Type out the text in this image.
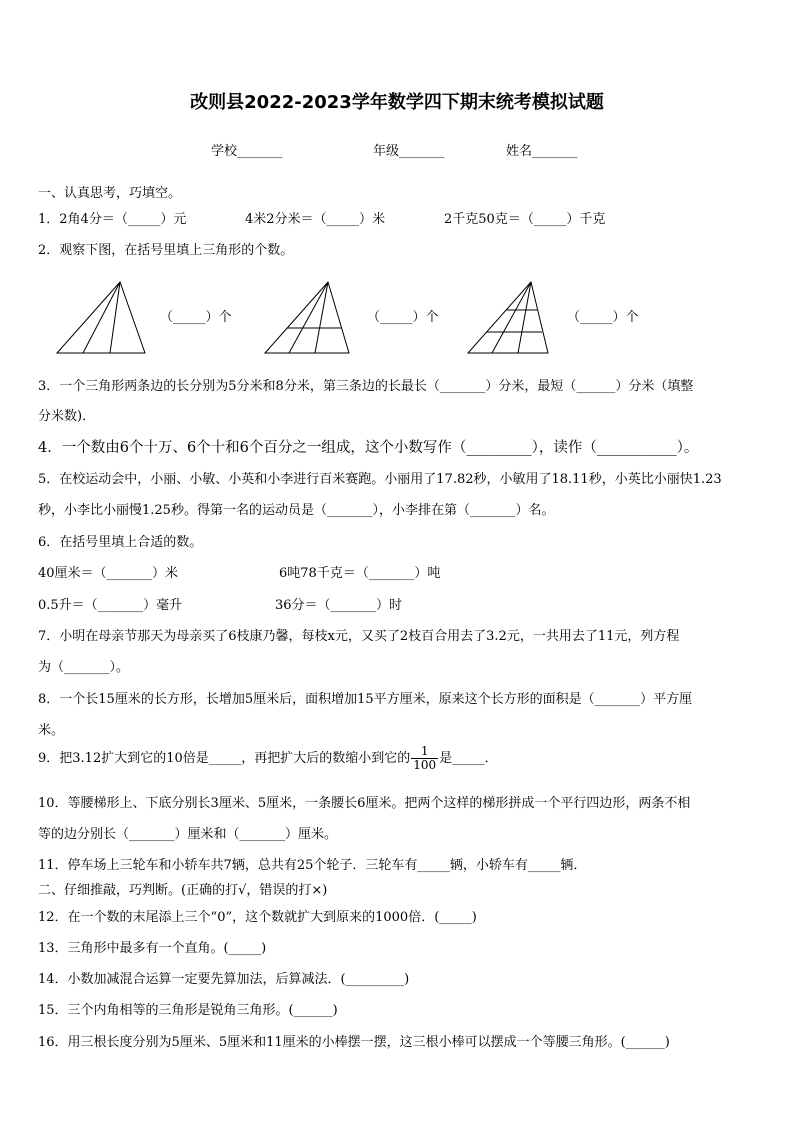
改则县2022-2023学年数学四下期末统考模拟试题
学校_______	年级_______	姓名_______
一、认真思考，巧填空。
1．2角4分＝（_____）元	4米2分米＝（_____）米	2千克50克＝（_____）千克
2．观察下图，在括号里填上三角形的个数。
（_____）个	（_____）个	（_____）个
3．一个三角形两条边的长分别为5分米和8分米，第三条边的长最长（_______）分米，最短（______）分米（填整
分米数)．
4．一个数由6个十万、6个十和6个百分之一组成，这个小数写作（_________），读作（___________）。
5．在校运动会中，小丽、小敏、小英和小李进行百米赛跑。小丽用了17.82秒，小敏用了18.11秒，小英比小丽快1.23
秒，小李比小丽慢1.25秒。得第一名的运动员是（_______），小李排在第（_______）名。
6．在括号里填上合适的数。
40厘米＝（_______）米	6吨78千克＝（_______）吨
0.5升＝（_______）毫升	36分＝（_______）时
7．小明在母亲节那天为母亲买了6枝康乃馨，每枝x元，又买了2枝百合用去了3.2元，一共用去了11元，列方程
为（_______）。
8．一个长15厘米的长方形，长增加5厘米后，面积增加15平方厘米，原来这个长方形的面积是（_______）平方厘
米。
9．把3.12扩大到它的10倍是_____，再把扩大后的数缩小到它的 $\frac{1}{100}$ 是_____．
10．等腰梯形上、下底分别长3厘米、5厘米，一条腰长6厘米。把两个这样的梯形拼成一个平行四边形，两条不相
等的边分别长（_______）厘米和（_______）厘米。
11．停车场上三轮车和小轿车共7辆，总共有25个轮子．三轮车有_____辆，小轿车有_____辆．
二、仔细推敲，巧判断。(正确的打√，错误的打×)
12．在一个数的末尾添上三个“0”，这个数就扩大到原来的1000倍．(_____)
13．三角形中最多有一个直角。(_____)
14．小数加减混合运算一定要先算加法，后算减法．(_________)
15．三个内角相等的三角形是锐角三角形。(______)
16．用三根长度分别为5厘米、5厘米和11厘米的小棒摆一摆，这三根小棒可以摆成一个等腰三角形。(______)
